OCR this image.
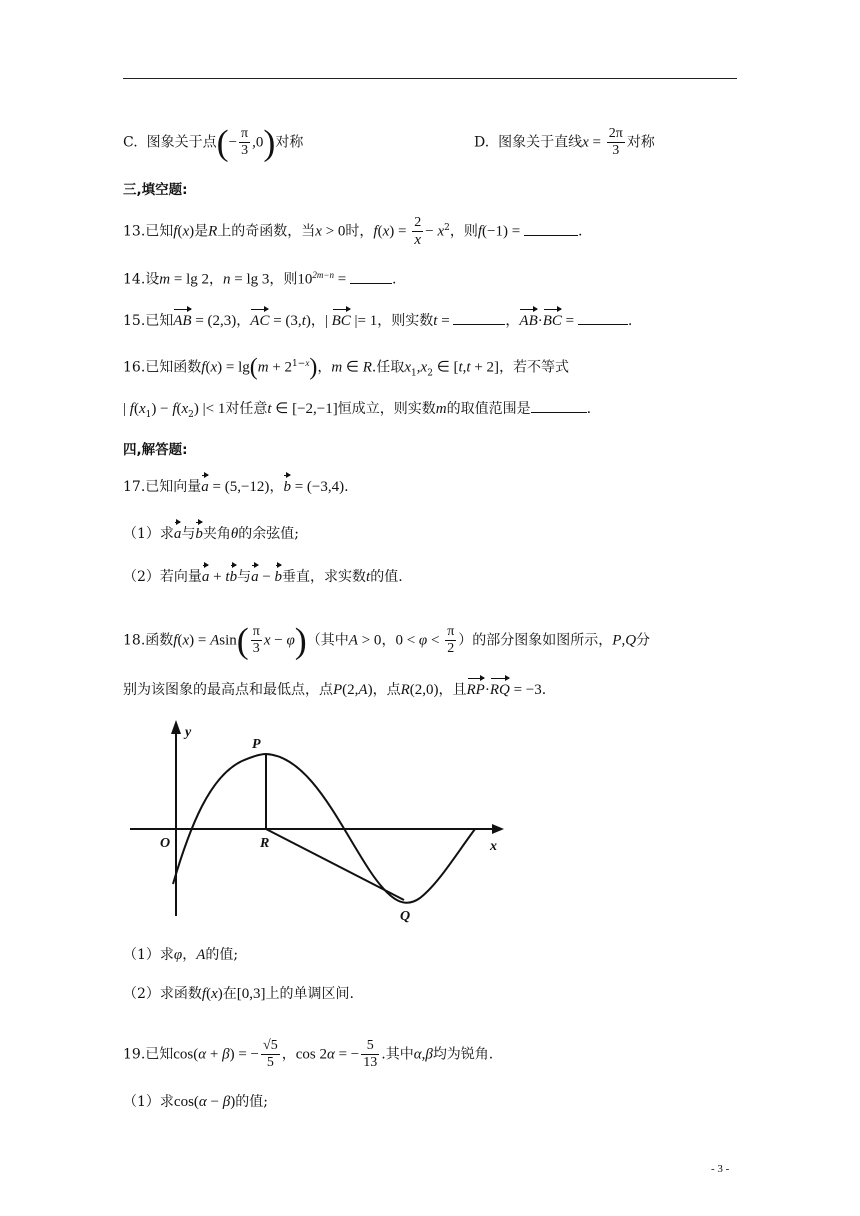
C. 图象关于点(− $\frac{\pi}{3} ,0$)对称	D. 图象关于直线$x = \frac{2\pi}{3}$ 对称
三,填空题:
13.已知f(x)是R上的奇函数，当x > 0时，$f(x) = \frac{2}{x} - x^2$，则f(−1) =	.
14.设m = lg 2，n = lg 3，则$10^{2m-n}$ =	.
15.已知AB = (2,3)，AC = (3,t)，| BC |= 1，则实数t =	，AB·BC =	.
16.已知函数$f(x) = \lg(m + 2^{1-x})$，m ∈ R.任取$x_1,x_2$ ∈ [t,t + 2]，若不等式
| $f(x_1) - f(x_2)$ |< 1对任意t ∈ [−2,−1]恒成立，则实数m的取值范围是	.
四,解答题:
17.已知向量a = (5,−12)，b = (−3,4).
（1）求a与b夹角θ的余弦值;
（2）若向量a + tb与a − b垂直，求实数t的值.
18.函数$f(x) = Asin( \frac{\pi}{3}$ x − φ)（其中A > 0，$0 < \varphi < \frac{\pi}{2}$ ）的部分图象如图所示，P,Q分
别为该图象的最高点和最低点，点P(2,A)，点R(2,0)，且RP·RQ = −3.
y
x
O
P
R
Q
（1）求φ，A的值;
（2）求函数f(x)在[0,3]上的单调区间.
19.已知cos(α + β) = − $\frac{√5}{5}$ ，cos 2α = − $\frac{5}{13}$ .其中α,β均为锐角.
（1）求cos(α − β)的值;
- 3 -
